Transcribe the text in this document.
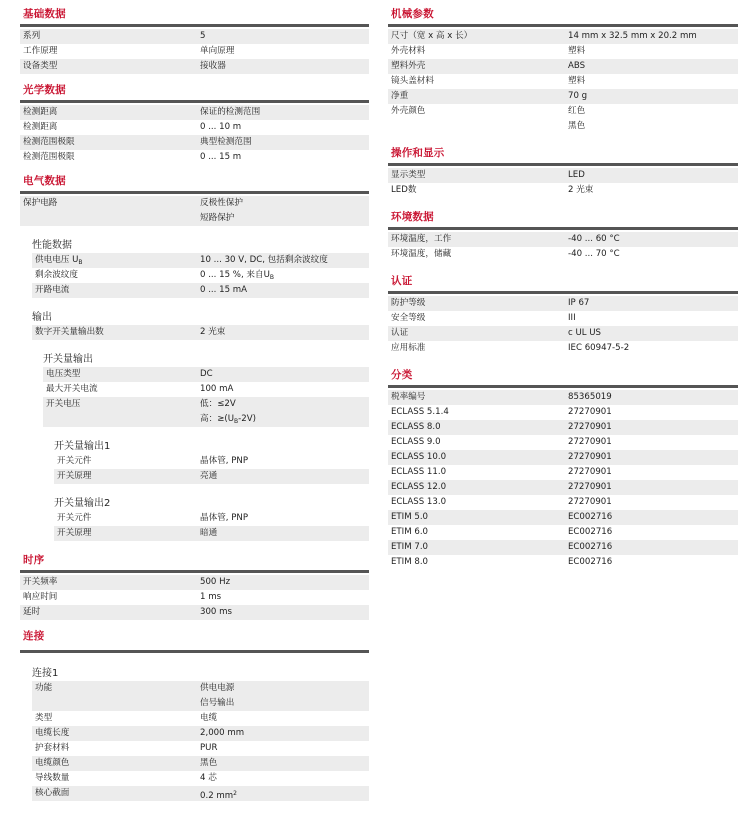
基础数据
系列	5
工作原理	单向原理
设备类型	接收器
光学数据
检测距离	保证的检测范围
检测距离	0 ... 10 m
检测范围极限	典型检测范围
检测范围极限	0 ... 15 m
电气数据
保护电路	反极性保护
短路保护
性能数据
供电电压 $U_B$	10 ... 30 V, DC, 包括剩余波纹度
剩余波纹度	0 ... 15 %, 来自$U_B$
开路电流	0 ... 15 mA
输出
数字开关量输出数	2 光束
开关量输出
电压类型	DC
最大开关电流	100 mA
开关电压	低：≤2V
高：$\ge(U_B-2V)$
开关量输出1
开关元件	晶体管, PNP
开关原理	亮通
开关量输出2
开关元件	晶体管, PNP
开关原理	暗通
时序
开关频率	500 Hz
响应时间	1 ms
延时	300 ms
连接
连接1
功能	供电电源
信号输出
类型	电缆
电缆长度	2,000 mm
护套材料	PUR
电缆颜色	黑色
导线数量	4 芯
核心截面	0.2 $mm^2$
机械参数
尺寸（宽 x 高 x 长）	14 mm x 32.5 mm x 20.2 mm
外壳材料	塑料
塑料外壳	ABS
镜头盖材料	塑料
净重	70 g
外壳颜色	红色
黑色
操作和显示
显示类型	LED
LED数	2 光束
环境数据
环境温度，工作	-40 ... 60 °C
环境温度，储藏	-40 ... 70 °C
认证
防护等级	IP 67
安全等级	III
认证	c UL US
应用标准	IEC 60947-5-2
分类
税率编号	85365019
ECLASS 5.1.4	27270901
ECLASS 8.0	27270901
ECLASS 9.0	27270901
ECLASS 10.0	27270901
ECLASS 11.0	27270901
ECLASS 12.0	27270901
ECLASS 13.0	27270901
ETIM 5.0	EC002716
ETIM 6.0	EC002716
ETIM 7.0	EC002716
ETIM 8.0	EC002716
